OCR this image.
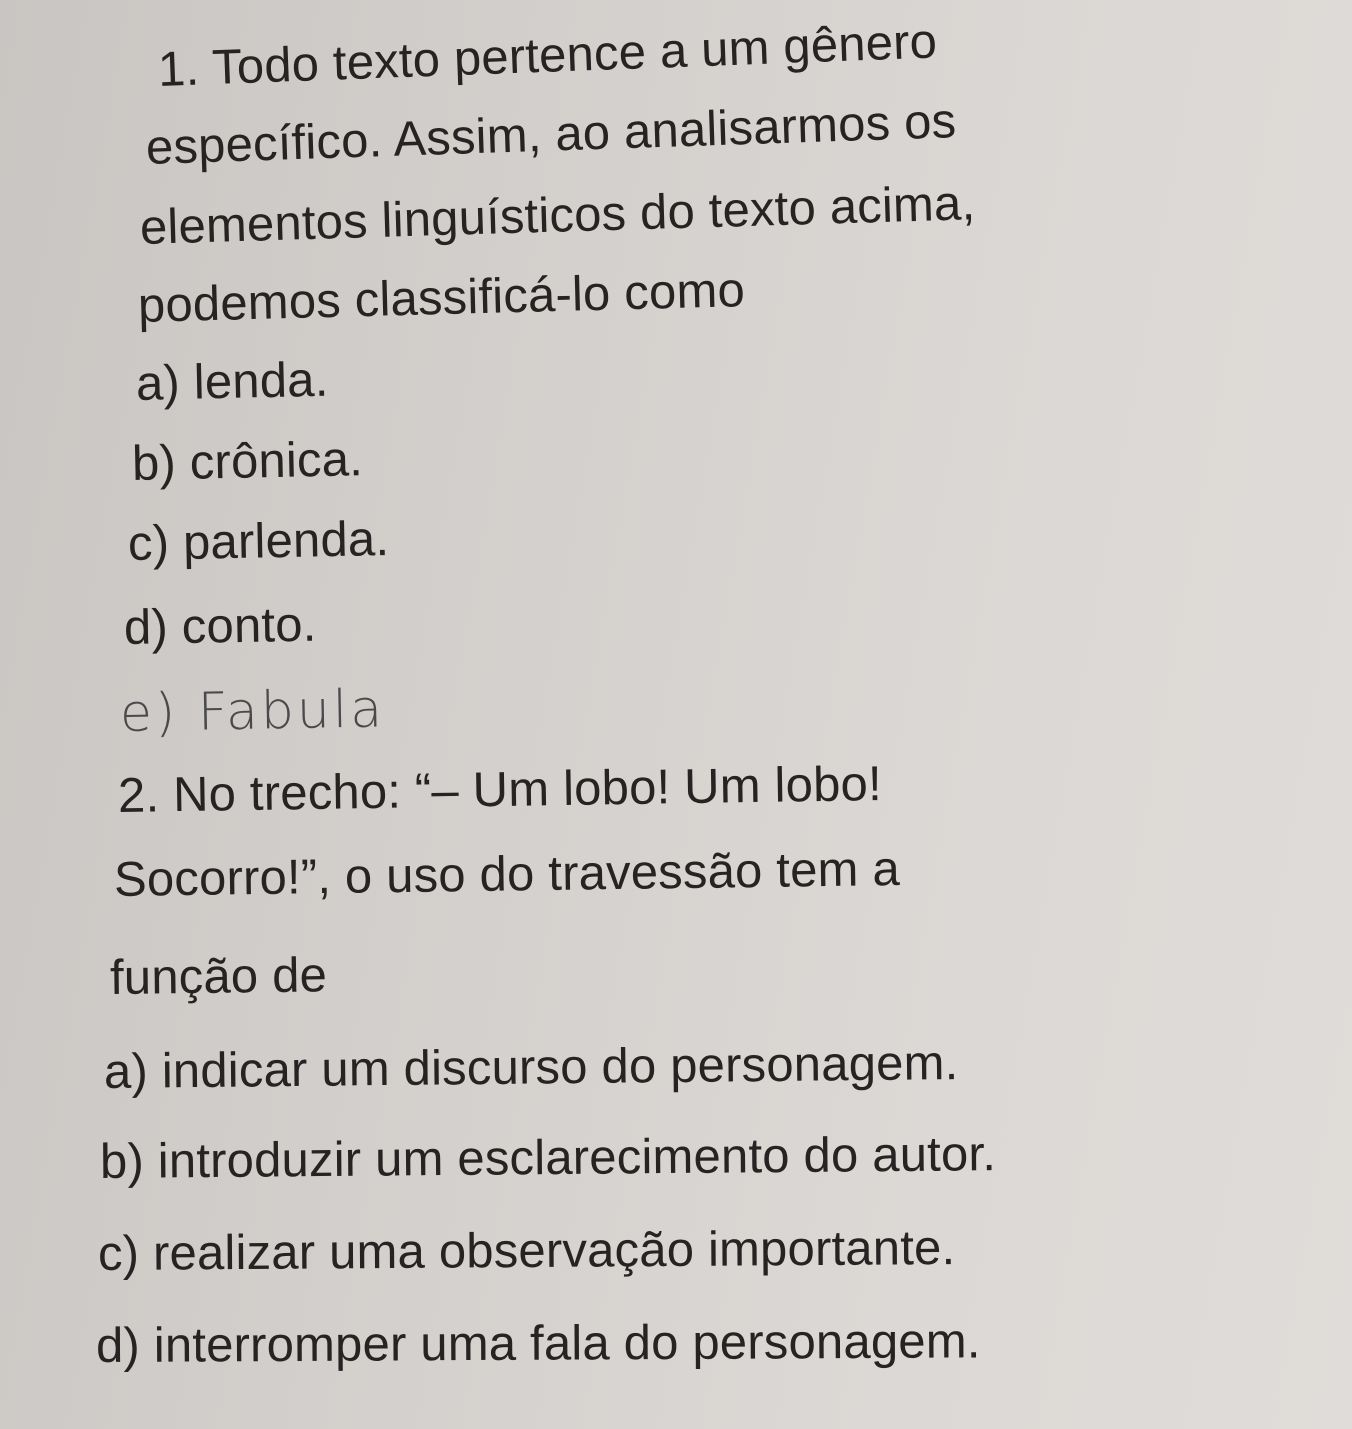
1. Todo texto pertence a um gênero
específico. Assim, ao analisarmos os
elementos linguísticos do texto acima,
podemos classificá-lo como
a) lenda.
b) crônica.
c) parlenda.
d) conto.
e) Fabula
2. No trecho: “– Um lobo! Um lobo!
Socorro!”, o uso do travessão tem a
função de
a) indicar um discurso do personagem.
b) introduzir um esclarecimento do autor.
c) realizar uma observação importante.
d) interromper uma fala do personagem.
